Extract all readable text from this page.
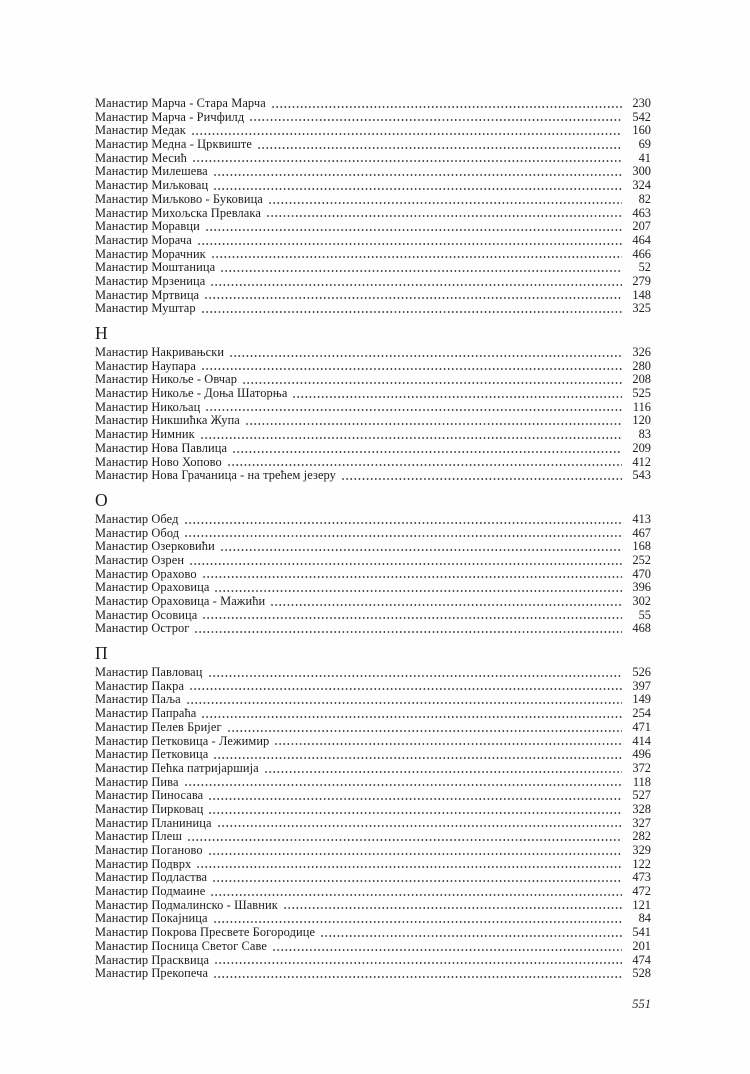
Манастир Марча - Стара Марча	230
Манастир Марча - Ричфилд	542
Манастир Медак	160
Манастир Медна - Црквиште	69
Манастир Месић	41
Манастир Милешева	300
Манастир Миљковац	324
Манастир Миљково - Буковица	82
Манастир Михољска Превлака	463
Манастир Моравци	207
Манастир Морача	464
Манастир Морачник	466
Манастир Моштаница	52
Манастир Мрзеница	279
Манастир Мртвица	148
Манастир Муштар	325
Н
Манастир Накривањски	326
Манастир Наупара	280
Манастир Никоље - Овчар	208
Манастир Никоље - Доња Шаторња	525
Манастир Никољац	116
Манастир Никшићка Жупа	120
Манастир Нимник	83
Манастир Нова Павлица	209
Манастир Ново Хопово	412
Манастир Нова Грачаница - на трећем језеру	543
О
Манастир Обед	413
Манастир Обод	467
Манастир Озерковићи	168
Манастир Озрен	252
Манастир Орахово	470
Манастир Ораховица	396
Манастир Ораховица - Мажићи	302
Манастир Осовица	55
Манастир Острог	468
П
Манастир Павловац	526
Манастир Пакра	397
Манастир Паља	149
Манастир Папраћа	254
Манастир Пелев Бријег	471
Манастир Петковица - Лежимир	414
Манастир Петковица	496
Манастир Пећка патријаршија	372
Манастир Пива	118
Манастир Пиносава	527
Манастир Пирковац	328
Манастир Планиница	327
Манастир Плеш	282
Манастир Поганово	329
Манастир Подврх	122
Манастир Подластва	473
Манастир Подмаине	472
Манастир Подмалинско - Шавник	121
Манастир Покајница	84
Манастир Покрова Пресвете Богородице	541
Манастир Посница Светог Саве	201
Манастир Прасквица	474
Манастир Прекопеча	528
551
